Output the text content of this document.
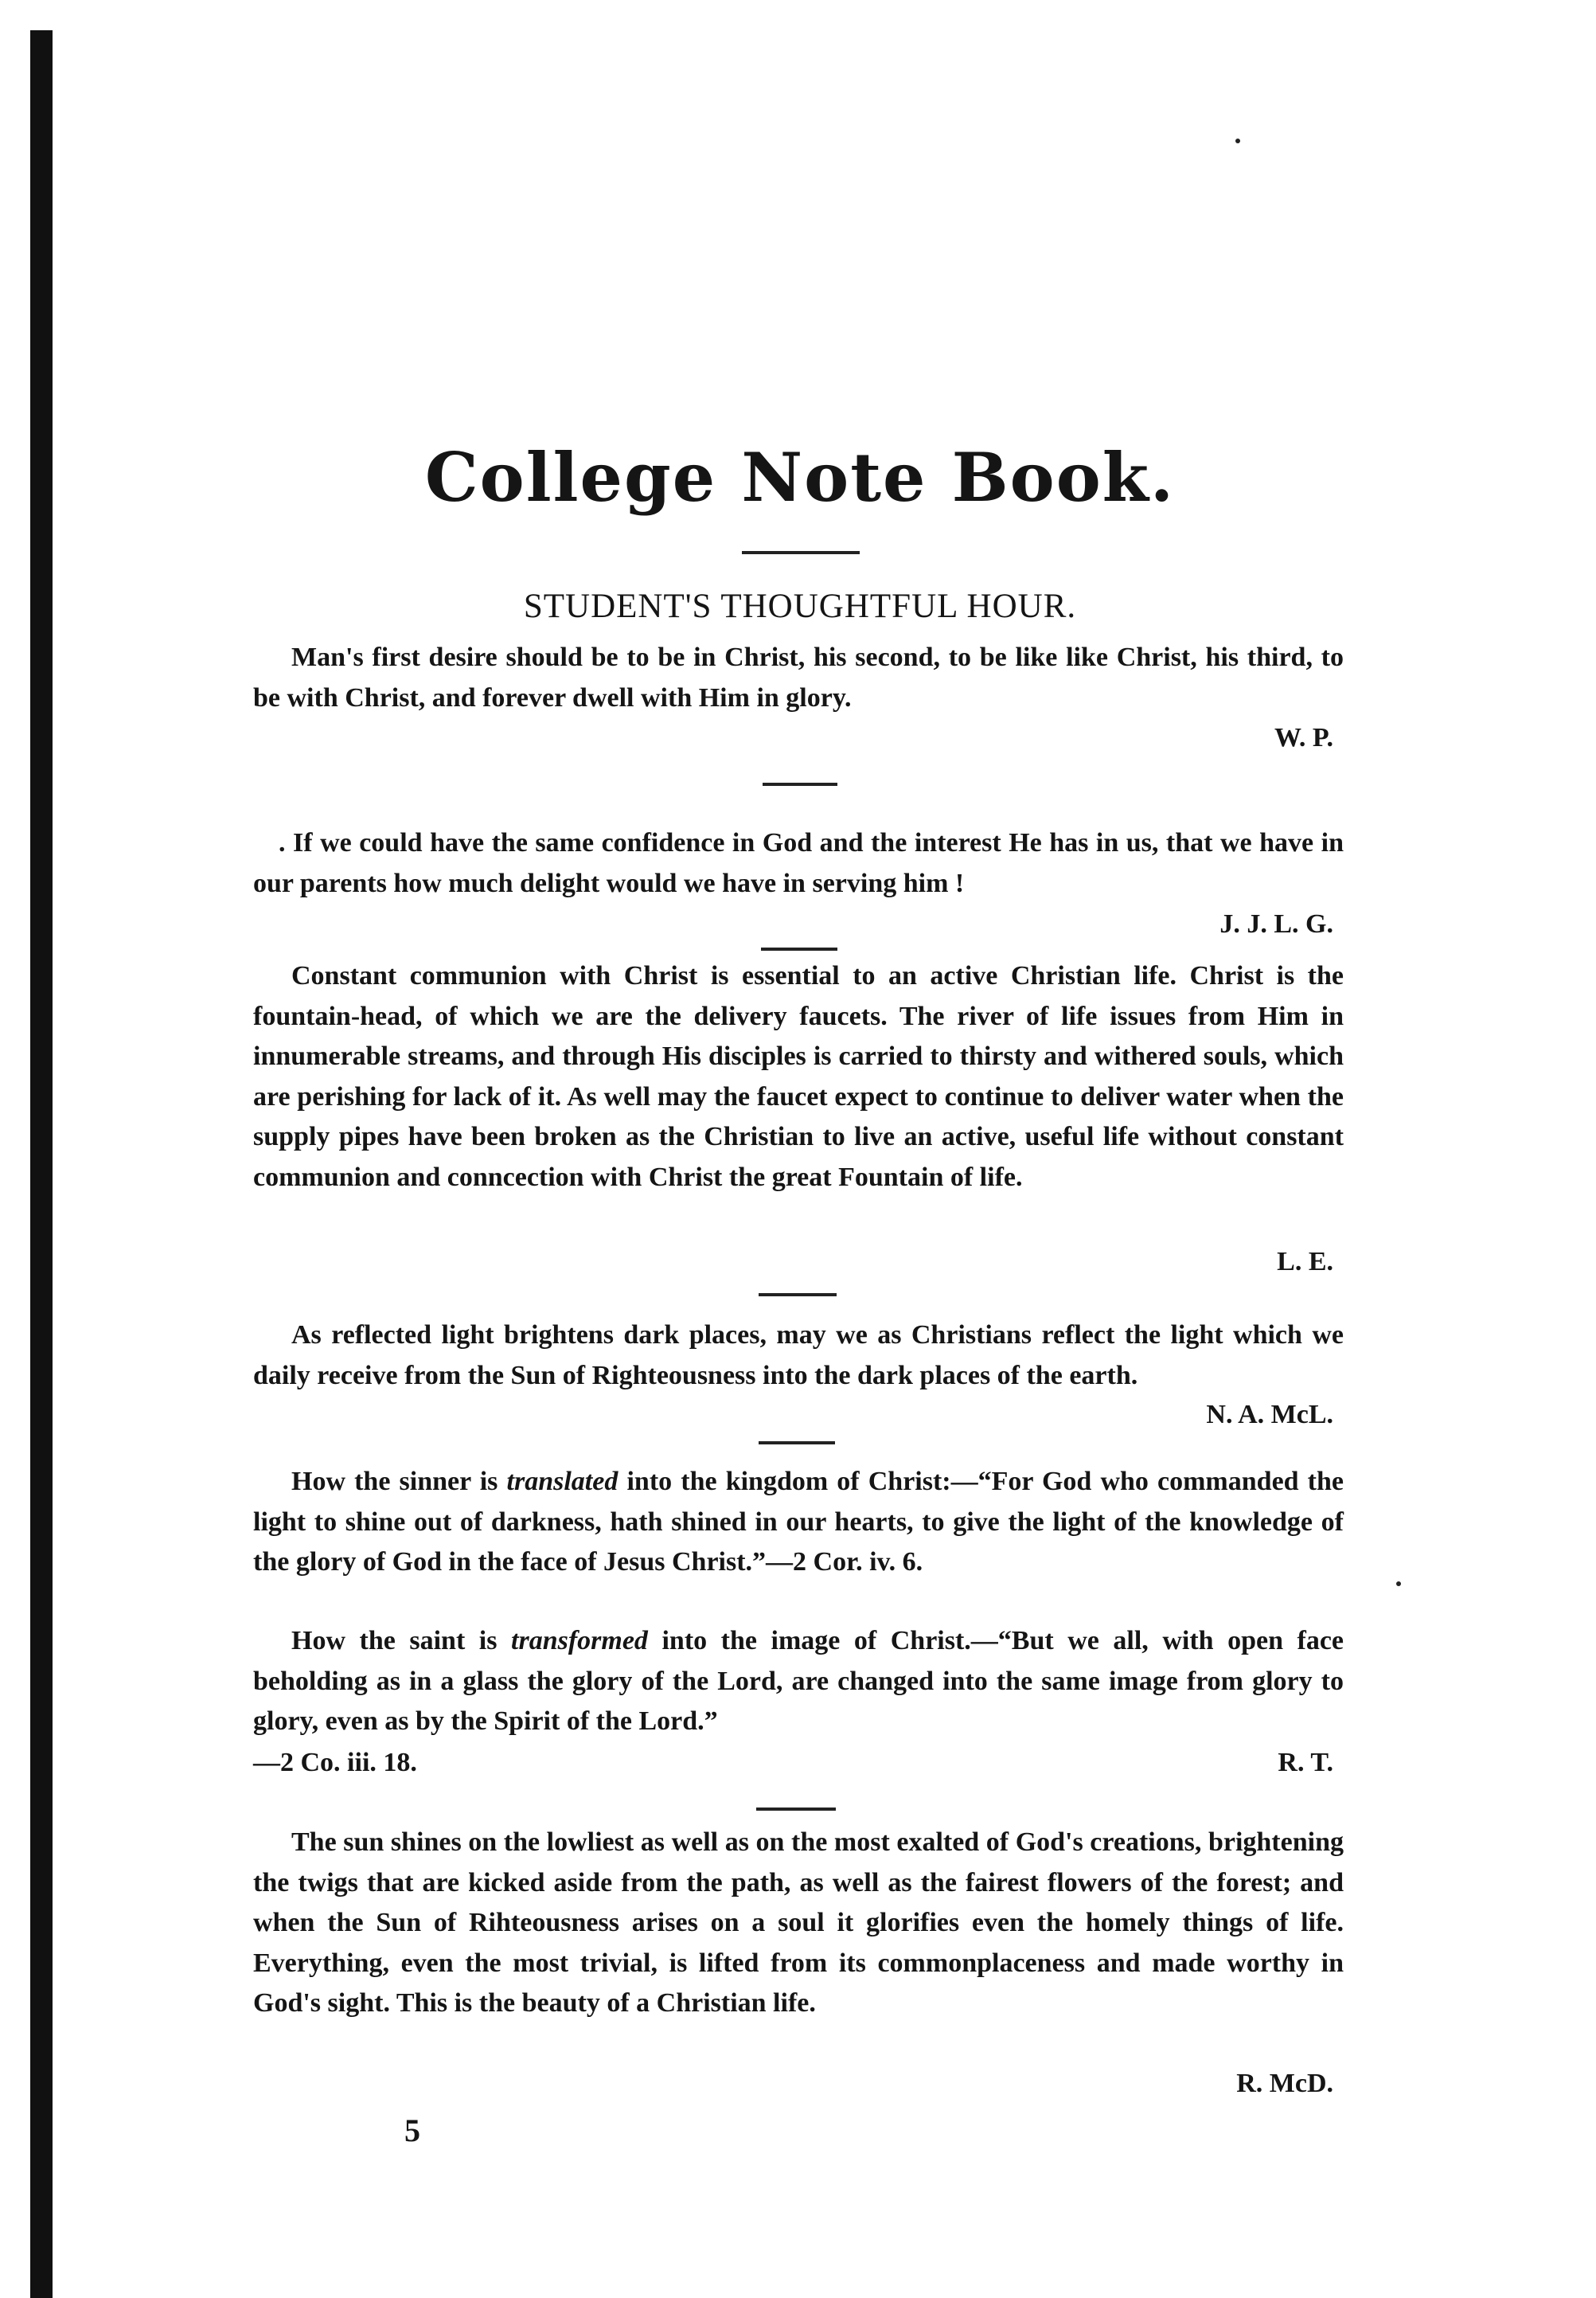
College Note Book.
STUDENT'S THOUGHTFUL HOUR.

Man's first desire should be to be in Christ, his second, to be like like Christ, his third, to be with Christ, and forever dwell with Him in glory.

W. P.

. If we could have the same confidence in God and the interest He has in us, that we have in our parents how much delight would we have in serving him !

J. J. L. G.

Constant communion with Christ is essential to an active Christian life. Christ is the fountain-head, of which we are the delivery faucets. The river of life issues from Him in innumerable streams, and through His disciples is carried to thirsty and withered souls, which are perishing for lack of it. As well may the faucet expect to continue to deliver water when the supply pipes have been broken as the Christian to live an active, useful life without constant communion and conncection with Christ the great Fountain of life.

L. E.

As reflected light brightens dark places, may we as Christians reflect the light which we daily receive from the Sun of Righteousness into the dark places of the earth.

N. A. McL.

How the sinner is translated into the kingdom of Christ:—“For God who commanded the light to shine out of darkness, hath shined in our hearts, to give the light of the knowledge of the glory of God in the face of Jesus Christ.”—2 Cor. iv. 6.

How the saint is transformed into the image of Christ.—“But we all, with open face beholding as in a glass the glory of the Lord, are changed into the same image from glory to glory, even as by the Spirit of the Lord.”

—2 Co. iii. 18.	R. T.

The sun shines on the lowliest as well as on the most exalted of God's creations, brightening the twigs that are kicked aside from the path, as well as the fairest flowers of the forest; and when the Sun of Rihteousness arises on a soul it glorifies even the homely things of life. Everything, even the most trivial, is lifted from its commonplaceness and made worthy in God's sight. This is the beauty of a Christian life.

R. McD.
5
